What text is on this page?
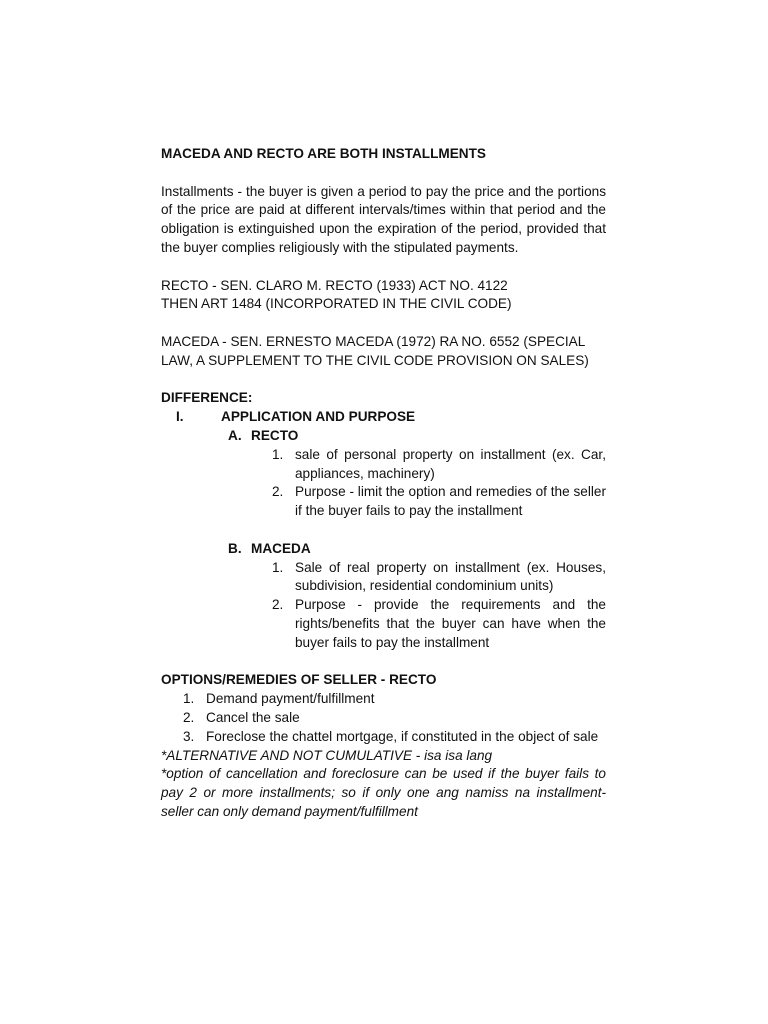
MACEDA AND RECTO ARE BOTH INSTALLMENTS

Installments - the buyer is given a period to pay the price and the portions of the price are paid at different intervals/times within that period and the obligation is extinguished upon the expiration of the period, provided that the buyer complies religiously with the stipulated payments.

RECTO - SEN. CLARO M. RECTO (1933) ACT NO. 4122

THEN ART 1484 (INCORPORATED IN THE CIVIL CODE)

MACEDA - SEN. ERNESTO MACEDA (1972) RA NO. 6552 (SPECIAL LAW, A SUPPLEMENT TO THE CIVIL CODE PROVISION ON SALES)

DIFFERENCE:

I.	APPLICATION AND PURPOSE
A. RECTO
1. sale of personal property on installment (ex. Car, appliances, machinery)
2. Purpose - limit the option and remedies of the seller if the buyer fails to pay the installment
B. MACEDA
1. Sale of real property on installment (ex. Houses, subdivision, residential condominium units)
2. Purpose - provide the requirements and the rights/benefits that the buyer can have when the buyer fails to pay the installment

OPTIONS/REMEDIES OF SELLER - RECTO

1. Demand payment/fulfillment
2. Cancel the sale
3. Foreclose the chattel mortgage, if constituted in the object of sale

*ALTERNATIVE AND NOT CUMULATIVE - isa isa lang

*option of cancellation and foreclosure can be used if the buyer fails to pay 2 or more installments; so if only one ang namiss na installment-seller can only demand payment/fulfillment
